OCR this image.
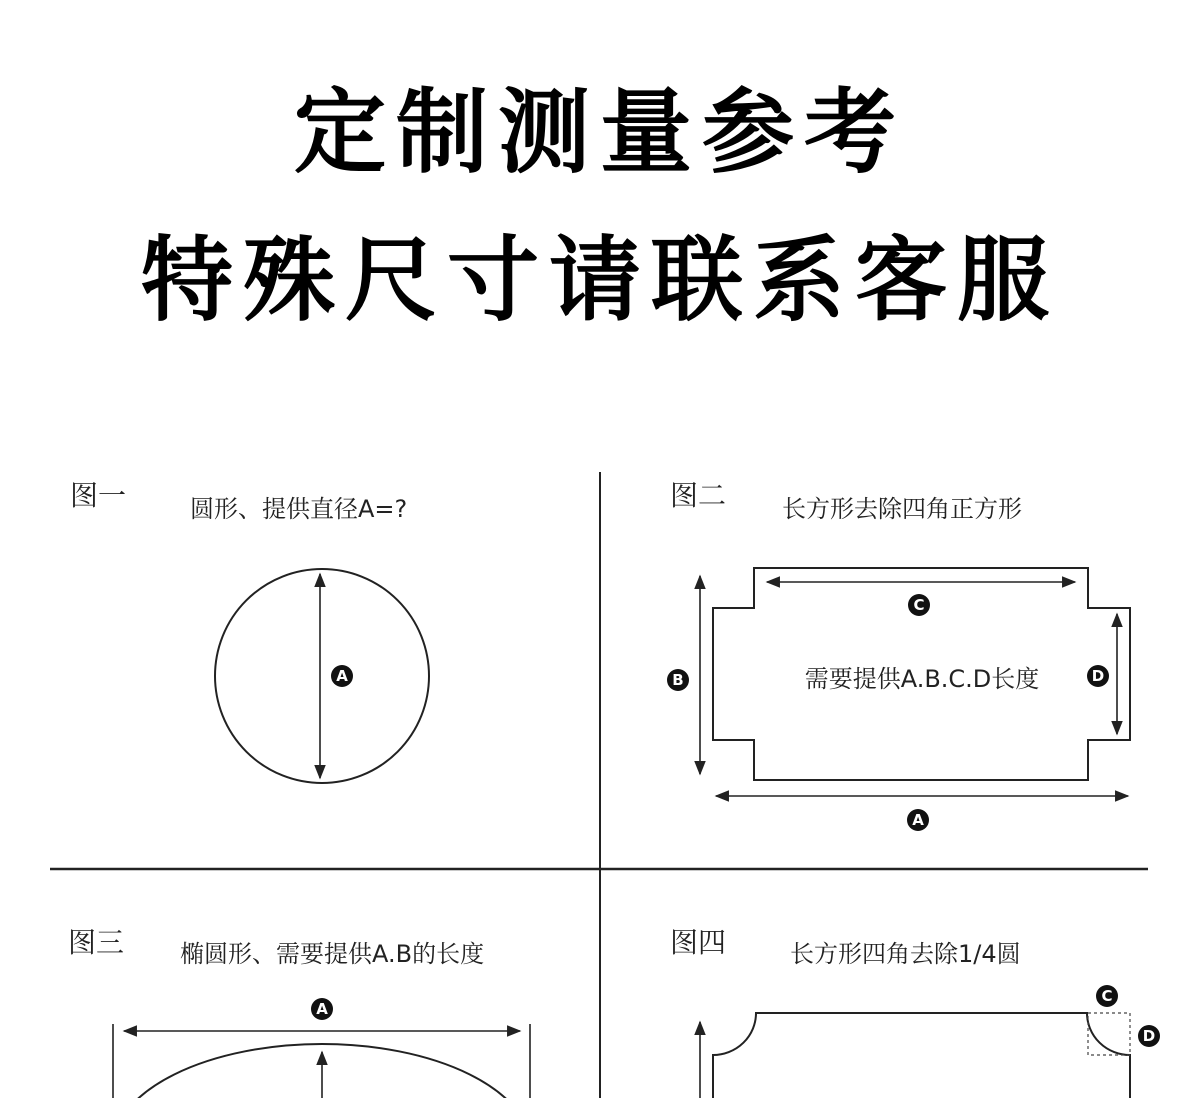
定制测量参考
特殊尺寸请联系客服
图一	圆形、提供直径A=?
A
图二 长方形去除四角正方形
需要提供A.B.C.D长度
C
B	D
A
图三 椭圆形、需要提供A.B的长度
A
图四	长方形四角去除1/4圆
C
D
